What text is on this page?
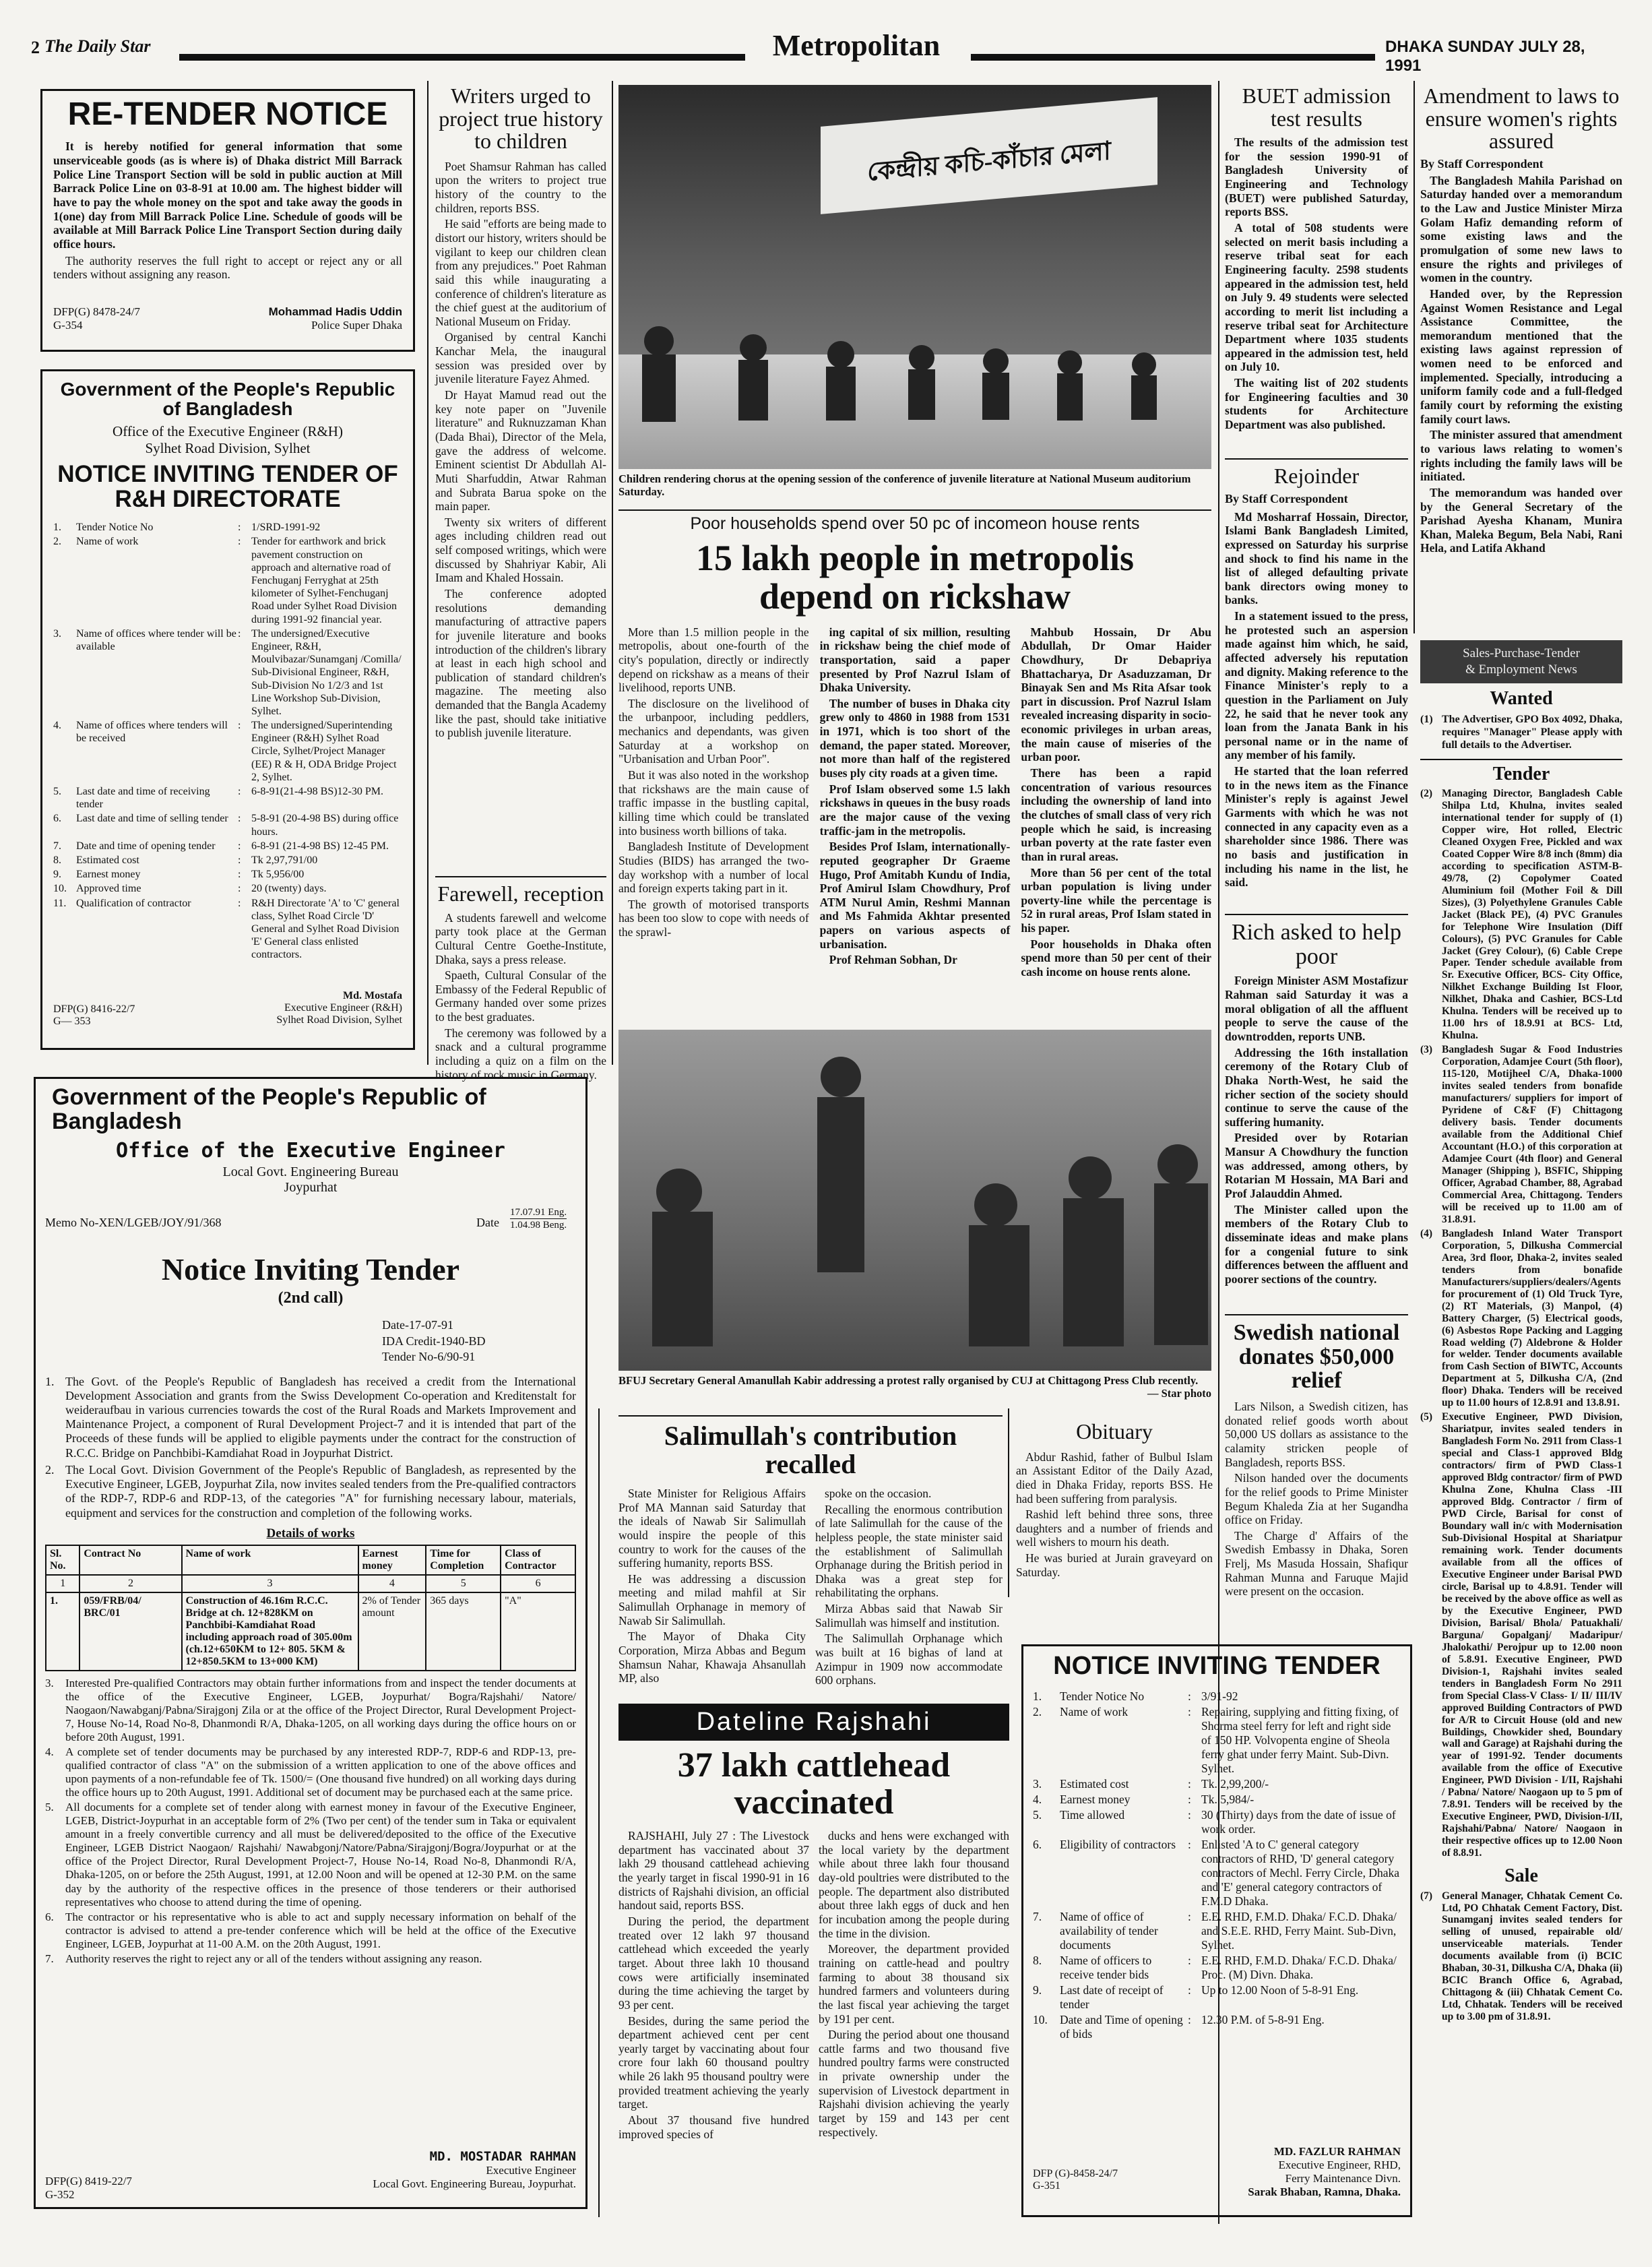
2 The Daily Star	Metropolitan	DHAKA SUNDAY JULY 28, 1991
RE-TENDER NOTICE
It is hereby notified for general information that some unserviceable goods (as is where is) of Dhaka district Mill Barrack Police Line Transport Section will be sold in public auction at Mill Barrack Police Line on 03-8-91 at 10.00 am. The highest bidder will have to pay the whole money on the spot and take away the goods in 1(one) day from Mill Barrack Police Line. Schedule of goods will be available at Mill Barrack Police Line Transport Section during daily office hours.
The authority reserves the full right to accept or reject any or all tenders without assigning any reason.
DFP(G) 8478-24/7
G-354
Mohammad Hadis Uddin
Police Super Dhaka
Government of the People's Republic of Bangladesh
Office of the Executive Engineer (R&H)
Sylhet Road Division, Sylhet
NOTICE INVITING TENDER OF R&H DIRECTORATE
1.	Tender Notice No	: 1/SRD-1991-92
2.	Name of work	: Tender for earthwork and brick pavement construction on approach and alternative road of Fenchuganj Ferryghat at 25th kilometer of Sylhet-Fenchuganj Road under Sylhet Road Division during 1991-92 financial year.
3.	Name of offices where tender will be available
: The undersigned/Executive Engineer, R&H, Moulvibazar/Sunamganj /Comilla/ Sub-Divisional Engineer, R&H, Sub-Division No 1/2/3 and 1st Line Workshop Sub-Division, Sylhet.
4.	Name of offices where tenders will be received
: The undersigned/Superintending Engineer (R&H) Sylhet Road Circle, Sylhet/Project Manager (EE) R & H, ODA Bridge Project 2, Sylhet.
5.	Last date and time of receiving tender
: 6-8-91(21-4-98 BS)12-30 PM.
6.	Last date and time of selling tender : 5-8-91 (20-4-98 BS) during office hours.
7.	Date and time of opening tender	: 6-8-91 (21-4-98 BS) 12-45 PM.
8.	Estimated cost	: Tk 2,97,791/00
9.	Earnest money	: Tk 5,956/00
10. Approved time	: 20 (twenty) days.
11. Qualification of contractor	: R&H Directorate 'A' to 'C' general class, Sylhet Road Circle 'D' General and Sylhet Road Division 'E' General class enlisted contractors.
DFP(G) 8416-22/7
G— 353
Md. Mostafa
Executive Engineer (R&H)
Sylhet Road Division, Sylhet
Government of the People's Republic of Bangladesh
Office of the Executive Engineer
Local Govt. Engineering Bureau
Joypurhat
Memo No-XEN/LGEB/JOY/91/368	Date
17.07.91 Eng.
1.04.98 Beng.
Notice Inviting Tender
(2nd call)
Date-17-07-91
IDA Credit-1940-BD
Tender No-6/90-91
1. The Govt. of the People's Republic of Bangladesh has received a credit from the International Development Association and grants from the Swiss Development Co-operation and Kreditenstalt for weideraufbau in various currencies towards the cost of the Rural Roads and Markets Improvement and Maintenance Project, a component of Rural Development Project-7 and it is intended that part of the Proceeds of these funds will be applied to eligible payments under the contract for the construction of R.C.C. Bridge on Panchbibi-Kamdiahat Road in Joypurhat District.
2. The Local Govt. Division Government of the People's Republic of Bangladesh, as represented by the Executive Engineer, LGEB, Joypurhat Zila, now invites sealed tenders from the Pre-qualified contractors of the RDP-7, RDP-6 and RDP-13, of the categories "A" for furnishing necessary labour, materials, equipment and services for the construction and completion of the following works.
Details of works
Sl. No.	Contract No	Name of work	Earnest money	Time for Completion	Class of Contractor
1	2	3	4	5	6
1.	059/FRB/04/ BRC/01	Construction of 46.16m R.C.C. Bridge at ch. 12+828KM on Panchbibi-Kamdiahat Road including approach road of 305.00m (ch.12+650KM to 12+ 805. 5KM & 12+850.5KM to 13+000 KM)	2% of Tender amount	365 days	"A"
3.	Interested Pre-qualified Contractors may obtain further informations from and inspect the tender documents at the office of the Executive Engineer, LGEB, Joypurhat/ Bogra/Rajshahi/ Natore/ Naogaon/Nawabganj/Pabna/Sirajgonj Zila or at the office of the Project Director, Rural Development Project-7, House No-14, Road No-8, Dhanmondi R/A, Dhaka-1205, on all working days during the office hours on or before 20th August, 1991.
4.	A complete set of tender documents may be purchased by any interested RDP-7, RDP-6 and RDP-13, pre-qualified contractor of class "A" on the submission of a written application to one of the above offices and upon payments of a non-refundable fee of Tk. 1500/= (One thousand five hundred) on all working days during the office hours up to 20th August, 1991. Additional set of document may be purchased each at the same price.
5.	All documents for a complete set of tender along with earnest money in favour of the Executive Engineer, LGEB, District-Joypurhat in an acceptable form of 2% (Two per cent) of the tender sum in Taka or equivalent amount in a freely convertible currency and all must be delivered/deposited to the office of the Executive Engineer, LGEB District Naogaon/ Rajshahi/ Nawabgonj/Natore/Pabna/Sirajgonj/Bogra/Joypurhat or at the office of the Project Director, Rural Development Project-7, House No-14, Road No-8, Dhanmondi R/A, Dhaka-1205, on or before the 25th August, 1991, at 12.00 Noon and will be opened at 12-30 P.M. on the same day by the authority of the respective offices in the presence of those tenderers or their authorised representatives who choose to attend during the time of opening.
6.	The contractor or his representative who is able to act and supply necessary information on behalf of the contractor is advised to attend a pre-tender conference which will be held at the office of the Executive Engineer, LGEB, Joypurhat at 11-00 A.M. on the 20th August, 1991.
7.	Authority reserves the right to reject any or all of the tenders without assigning any reason.
DFP(G) 8419-22/7
G-352
MD. MOSTADAR RAHMAN
Executive Engineer
Local Govt. Engineering Bureau, Joypurhat.
Writers urged to project true history to children

Poet Shamsur Rahman has called upon the writers to project true history of the country to the children, reports BSS.

He said "efforts are being made to distort our history, writers should be vigilant to keep our children clean from any prejudices." Poet Rahman said this while inaugurating a conference of children's literature as the chief guest at the auditorium of National Museum on Friday.

Organised by central Kanchi Kanchar Mela, the inaugural session was presided over by juvenile literature Fayez Ahmed.

Dr Hayat Mamud read out the key note paper on "Juvenile literature" and Ruknuzzaman Khan (Dada Bhai), Director of the Mela, gave the address of welcome. Eminent scientist Dr Abdullah Al-Muti Sharfuddin, Atwar Rahman and Subrata Barua spoke on the main paper.

Twenty six writers of different ages including children read out self composed writings, which were discussed by Shahriyar Kabir, Ali Imam and Khaled Hossain.

The conference adopted resolutions demanding manufacturing of attractive papers for juvenile literature and books introduction of the children's library at least in each high school and publication of standard children's magazine. The meeting also demanded that the Bangla Academy like the past, should take initiative to publish juvenile literature.

Farewell, reception

A students farewell and welcome party took place at the German Cultural Centre Goethe-Institute, Dhaka, says a press release.

Spaeth, Cultural Consular of the Embassy of the Federal Republic of Germany handed over some prizes to the best graduates.

The ceremony was followed by a snack and a cultural programme including a quiz on a film on the history of rock music in Germany.

কেন্দ্রীয় কচি-কাঁচার মেলা
Children rendering chorus at the opening session of the conference of juvenile literature at National Museum auditorium Saturday.
Poor households spend over 50 pc of incomeon house rents
15 lakh people in metropolis depend on rickshaw

More than 1.5 million people in the metropolis, about one-fourth of the city's population, directly or indirectly depend on rickshaw as a means of their livelihood, reports UNB.

The disclosure on the livelihood of the urbanpoor, including peddlers, mechanics and dependants, was given Saturday at a workshop on "Urbanisation and Urban Poor".

But it was also noted in the workshop that rickshaws are the main cause of traffic impasse in the bustling capital, killing time which could be translated into business worth billions of taka.

Bangladesh Institute of Development Studies (BIDS) has arranged the two-day workshop with a number of local and foreign experts taking part in it.

The growth of motorised transports has been too slow to cope with needs of the sprawl-

ing capital of six million, resulting in rickshaw being the chief mode of transportation, said a paper presented by Prof Nazrul Islam of Dhaka University.

The number of buses in Dhaka city grew only to 4860 in 1988 from 1531 in 1971, which is too short of the demand, the paper stated. Moreover, not more than half of the registered buses ply city roads at a given time.

Prof Islam observed some 1.5 lakh rickshaws in queues in the busy roads are the major cause of the vexing traffic-jam in the metropolis.

Besides Prof Islam, internationally-reputed geographer Dr Graeme Hugo, Prof Amitabh Kundu of India, Prof Amirul Islam Chowdhury, Prof ATM Nurul Amin, Reshmi Mannan and Ms Fahmida Akhtar presented papers on various aspects of urbanisation.

Prof Rehman Sobhan, Dr

Mahbub Hossain, Dr Abu Abdullah, Dr Omar Haider Chowdhury, Dr Debapriya Bhattacharya, Dr Asaduzzaman, Dr Binayak Sen and Ms Rita Afsar took part in discussion. Prof Nazrul Islam revealed increasing disparity in socio-economic privileges in urban areas, the main cause of miseries of the urban poor.

There has been a rapid concentration of various resources including the ownership of land into the clutches of small class of very rich people which he said, is increasing urban poverty at the rate faster even than in rural areas.

More than 56 per cent of the total urban population is living under poverty-line while the percentage is 52 in rural areas, Prof Islam stated in his paper.

Poor households in Dhaka often spend more than 50 per cent of their cash income on house rents alone.

BFUJ Secretary General Amanullah Kabir addressing a protest rally organised by CUJ at Chittagong Press Club recently.
— Star photo
Salimullah's contribution recalled

State Minister for Religious Affairs Prof MA Mannan said Saturday that the ideals of Nawab Sir Salimullah would inspire the people of this country to work for the causes of the suffering humanity, reports BSS.

He was addressing a discussion meeting and milad mahfil at Sir Salimullah Orphanage in memory of Nawab Sir Salimullah.

The Mayor of Dhaka City Corporation, Mirza Abbas and Begum Shamsun Nahar, Khawaja Ahsanullah MP, also

spoke on the occasion.

Recalling the enormous contribution of late Salimullah for the cause of the helpless people, the state minister said the establishment of Salimullah Orphanage during the British period in Dhaka was a great step for rehabilitating the orphans.

Mirza Abbas said that Nawab Sir Salimullah was himself and institution.

The Salimullah Orphanage which was built at 16 bighas of land at Azimpur in 1909 now accommodate 600 orphans.

Obituary

Abdur Rashid, father of Bulbul Islam an Assistant Editor of the Daily Azad, died in Dhaka Friday, reports BSS. He had been suffering from paralysis.

Rashid left behind three sons, three daughters and a number of friends and well wishers to mourn his death.

He was buried at Jurain graveyard on Saturday.

Dateline Rajshahi
37 lakh cattlehead vaccinated

RAJSHAHI, July 27 : The Livestock department has vaccinated about 37 lakh 29 thousand cattlehead achieving the yearly target in fiscal 1990-91 in 16 districts of Rajshahi division, an official handout said, reports BSS.

During the period, the department treated over 12 lakh 97 thousand cattlehead which exceeded the yearly target. About three lakh 10 thousand cows were artificially inseminated during the time achieving the target by 93 per cent.

Besides, during the same period the department achieved cent per cent yearly target by vaccinating about four crore four lakh 60 thousand poultry while 26 lakh 95 thousand poultry were provided treatment achieving the yearly target.

About 37 thousand five hundred improved species of

ducks and hens were exchanged with the local variety by the department while about three lakh four thousand day-old poultries were distributed to the people. The department also distributed about three lakh eggs of duck and hen for incubation among the people during the time in the division.

Moreover, the department provided training on cattle-head and poultry farming to about 38 thousand six hundred farmers and volunteers during the last fiscal year achieving the target by 191 per cent.

During the period about one thousand cattle farms and two thousand five hundred poultry farms were constructed in private ownership under the supervision of Livestock department in Rajshahi division achieving the yearly target by 159 and 143 per cent respectively.

NOTICE INVITING TENDER
1.	Tender Notice No	: 3/91-92
2.	Name of work	: Repairing, supplying and fitting fixing, of Shorma steel ferry for left and right side of 150 HP. Volvopenta engine of Sheola ferry ghat under ferry Maint. Sub-Divn. Sylhet.
3.	Estimated cost	: Tk. 2,99,200/-
4.	Earnest money	: Tk. 5,984/-
5.	Time allowed	: 30 (Thirty) days from the date of issue of work order.
6.	Eligibility of contractors	: Enlisted 'A to C' general category contractors of RHD, 'D' general category contractors of Mechl. Ferry Circle, Dhaka and 'E' general category contractors of F.M.D Dhaka.
7.	Name of office of availability of tender documents
: E.E. RHD, F.M.D. Dhaka/ F.C.D. Dhaka/ and S.E.E. RHD, Ferry Maint. Sub-Divn, Sylhet.
8.	Name of officers to receive tender bids
: E.E. RHD, F.M.D. Dhaka/ F.C.D. Dhaka/ Proc. (M) Divn. Dhaka.
9.	Last date of receipt of tender
: Up to 12.00 Noon of 5-8-91 Eng.
10.	Date and Time of opening of bids
: 12.30 P.M. of 5-8-91 Eng.
DFP (G)-8458-24/7
G-351
MD. FAZLUR RAHMAN
Executive Engineer, RHD,
Ferry Maintenance Divn.
Sarak Bhaban, Ramna, Dhaka.
BUET admission test results

The results of the admission test for the session 1990-91 of Bangladesh University of Engineering and Technology (BUET) were published Saturday, reports BSS.

A total of 508 students were selected on merit basis including a reserve tribal seat for each Engineering faculty. 2598 students appeared in the admission test, held on July 9. 49 students were selected according to merit list including a reserve tribal seat for Architecture Department where 1035 students appeared in the admission test, held on July 10.

The waiting list of 202 students for Engineering faculties and 30 students for Architecture Department was also published.

Rejoinder
By Staff Correspondent

Md Mosharraf Hossain, Director, Islami Bank Bangladesh Limited, expressed on Saturday his surprise and shock to find his name in the list of alleged defaulting private bank directors owing money to banks.

In a statement issued to the press, he protested such an aspersion made against him which, he said, affected adversely his reputation and dignity. Making reference to the Finance Minister's reply to a question in the Parliament on July 22, he said that he never took any loan from the Janata Bank in his personal name or in the name of any member of his family.

He started that the loan referred to in the news item as the Finance Minister's reply is against Jewel Garments with which he was not connected in any capacity even as a shareholder since 1986. There was no basis and justification in including his name in the list, he said.

Rich asked to help poor

Foreign Minister ASM Mostafizur Rahman said Saturday it was a moral obligation of all the affluent people to serve the cause of the downtrodden, reports UNB.

Addressing the 16th installation ceremony of the Rotary Club of Dhaka North-West, he said the richer section of the society should continue to serve the cause of the suffering humanity.

Presided over by Rotarian Mansur A Chowdhury the function was addressed, among others, by Rotarian M Hossain, MA Bari and Prof Jalauddin Ahmed.

The Minister called upon the members of the Rotary Club to disseminate ideas and make plans for a congenial future to sink differences between the affluent and poorer sections of the country.

Swedish national donates $50,000 relief

Lars Nilson, a Swedish citizen, has donated relief goods worth about 50,000 US dollars as assistance to the calamity stricken people of Bangladesh, reports BSS.

Nilson handed over the documents for the relief goods to Prime Minister Begum Khaleda Zia at her Sugandha office on Friday.

The Charge d' Affairs of the Swedish Embassy in Dhaka, Soren Frelj, Ms Masuda Hossain, Shafiqur Rahman Munna and Faruque Majid were present on the occasion.

Amendment to laws to ensure women's rights assured
By Staff Correspondent

The Bangladesh Mahila Parishad on Saturday handed over a memorandum to the Law and Justice Minister Mirza Golam Hafiz demanding reform of some existing laws and the promulgation of some new laws to ensure the rights and privileges of women in the country.

Handed over, by the Repression Against Women Resistance and Legal Assistance Committee, the memorandum mentioned that the existing laws against repression of women need to be enforced and implemented. Specially, introducing a uniform family code and a full-fledged family court by reforming the existing family court laws.

The minister assured that amendment to various laws relating to women's rights including the family laws will be initiated.

The memorandum was handed over by the General Secretary of the Parishad Ayesha Khanam, Munira Khan, Maleka Begum, Bela Nabi, Rani Hela, and Latifa Akhand

Sales-Purchase-Tender
& Employment News
Wanted
(1) The Advertiser, GPO Box 4092, Dhaka, requires "Manager" Please apply with full details to the Advertiser.
Tender
(2) Managing Director, Bangladesh Cable Shilpa Ltd, Khulna, invites sealed international tender for supply of (1) Copper wire, Hot rolled, Electric Cleaned Oxygen Free, Pickled and wax Coated Copper Wire 8/8 inch (8mm) dia according to specification ASTM-B-49/78, (2) Copolymer Coated Aluminium foil (Mother Foil & Dill Sizes), (3) Polyethylene Granules Cable Jacket (Black PE), (4) PVC Granules for Telephone Wire Insulation (Diff Colours), (5) PVC Granules for Cable Jacket (Grey Colour), (6) Cable Crepe Paper. Tender schedule available from Sr. Executive Officer, BCS- City Office, Nilkhet Exchange Building Ist Floor, Nilkhet, Dhaka and Cashier, BCS-Ltd Khulna. Tenders will be received up to 11.00 hrs of 18.9.91 at BCS- Ltd, Khulna.
(3) Bangladesh Sugar & Food Industries Corporation, Adamjee Court (5th floor), 115-120, Motijheel C/A, Dhaka-1000 invites sealed tenders from bonafide manufacturers/ suppliers for import of Pyridene of C&F (F) Chittagong delivery basis. Tender documents available from the Additional Chief Accountant (H.O.) of this corporation at Adamjee Court (4th floor) and General Manager (Shipping ), BSFIC, Shipping Officer, Agrabad Chamber, 88, Agrabad Commercial Area, Chittagong. Tenders will be received up to 11.00 am of 31.8.91.
(4) Bangladesh Inland Water Transport Corporation, 5, Dilkusha Commercial Area, 3rd floor, Dhaka-2, invites sealed tenders from bonafide Manufacturers/suppliers/dealers/Agents for procurement of (1) Old Truck Tyre, (2) RT Materials, (3) Manpol, (4) Battery Charger, (5) Electrical goods, (6) Asbestos Rope Packing and Lagging Road welding (7) Aldebrone & Holder for welder. Tender documents available from Cash Section of BIWTC, Accounts Department at 5, Dilkusha C/A, (2nd floor) Dhaka. Tenders will be received up to 11.00 hours of 12.8.91 and 13.8.91.
(5) Executive Engineer, PWD Division, Shariatpur, invites sealed tenders in Bangladesh Form No. 2911 from Class-1 special and Class-1 approved Bldg contractors/ firm of PWD Class-1 approved Bldg contractor/ firm of PWD Khulna Zone, Khulna Class -III approved Bldg. Contractor / firm of PWD Circle, Barisal for const of Boundary wall in/c with Modernisation Sub-Divisional Hospital at Shariatpur remaining work. Tender documents available from all the offices of Executive Engineer under Barisal PWD circle, Barisal up to 4.8.91. Tender will be received by the above office as well as by the Executive Engineer, PWD Division, Barisal/ Bhola/ Patuakhali/ Barguna/ Gopalganj/ Madaripur/ Jhalokathi/ Perojpur up to 12.00 noon of 5.8.91. Executive Engineer, PWD Division-1, Rajshahi invites sealed tenders in Bangladesh Form No 2911 from Special Class-V Class- I/ II/ III/IV approved Building Contractors of PWD for A/R to Circuit House (old and new Buildings, Chowkider shed, Boundary wall and Garage) at Rajshahi during the year of 1991-92. Tender documents available from the office of Executive Engineer, PWD Division - I/II, Rajshahi / Pabna/ Natore/ Naogaon up to 5 pm of 7.8.91. Tenders will be received by the Executive Engineer, PWD, Division-I/II, Rajshahi/Pabna/ Natore/ Naogaon in their respective offices up to 12.00 Noon of 8.8.91.
Sale
(7) General Manager, Chhatak Cement Co. Ltd, PO Chhatak Cement Factory, Dist. Sunamganj invites sealed tenders for selling of unused, repairable old/ unserviceable materials. Tender documents available from (i) BCIC Bhaban, 30-31, Dilkusha C/A, Dhaka (ii) BCIC Branch Office 6, Agrabad, Chittagong & (iii) Chhatak Cement Co. Ltd, Chhatak. Tenders will be received up to 3.00 pm of 31.8.91.
